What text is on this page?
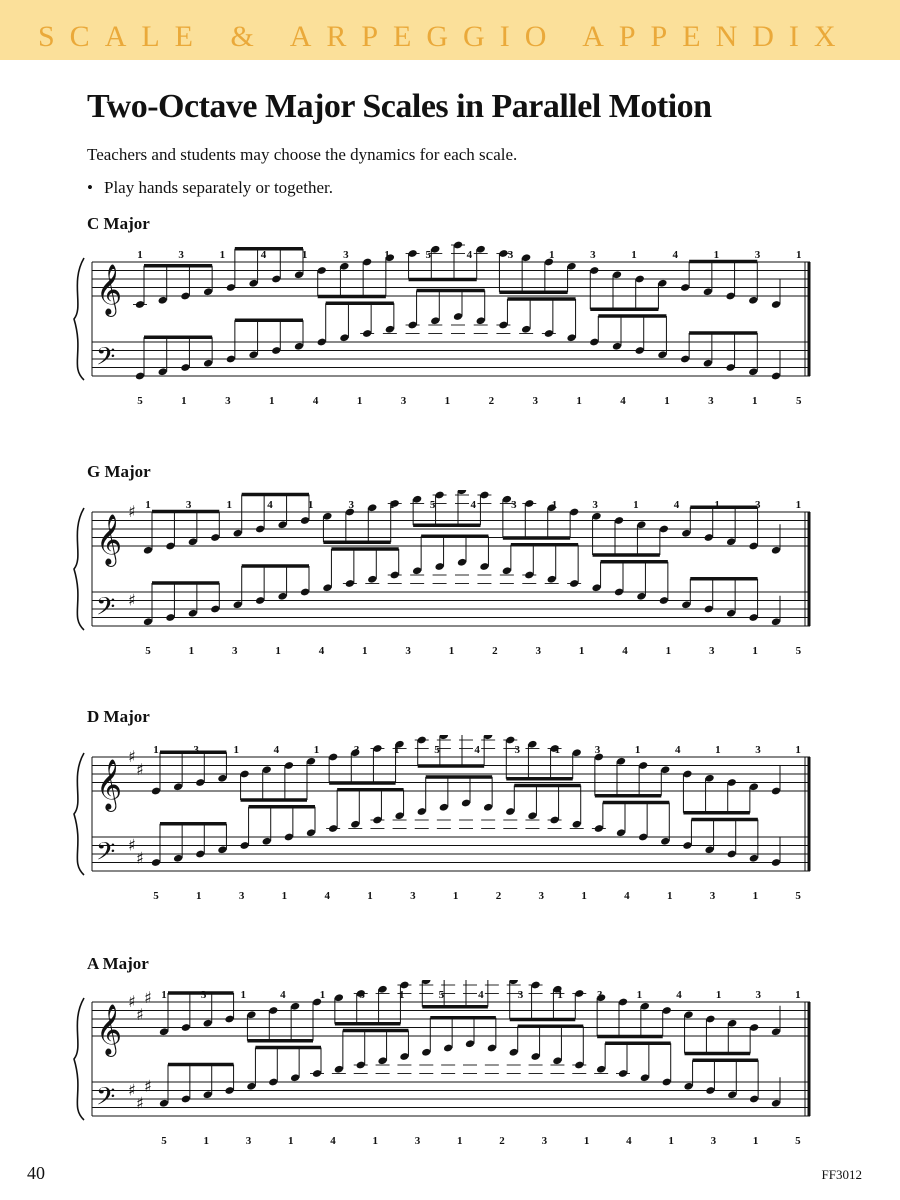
SCALE & ARPEGGIO APPENDIX
Two-Octave Major Scales in Parallel Motion
Teachers and students may choose the dynamics for each scale.
• Play hands separately or together.
C Major
𝄞
𝄢
1	3	1	4	1	3	1	5	4	3	1	3	1	4	1	3	1
5	1	3	1	4	1	3	1	2	3	1	4	1	3	1	5
G Major
𝄞
♯
𝄢 ♯
1	3	1	4	1	3	1	5	4	3	1	3	1	4	1	3	1
5	1	3	1	4	1	3	1	2	3	1	4	1	3	1	5
D Major
𝄞
♯
♯
𝄢 ♯
♯
1	3	1	4	1	3	1	5	4	3	1	3	1	4	1	3	1
5	1	3	1	4	1	3	1	2	3	1	4	1	3	1	5
A Major
𝄞
♯
♯
♯
𝄢 ♯
♯
♯
1	3	1	4	1	3	1	5	4	3	1	3	1	4	1	3	1
5	1	3	1	4	1	3	1	2	3	1	4	1	3	1	5
40	FF3012
